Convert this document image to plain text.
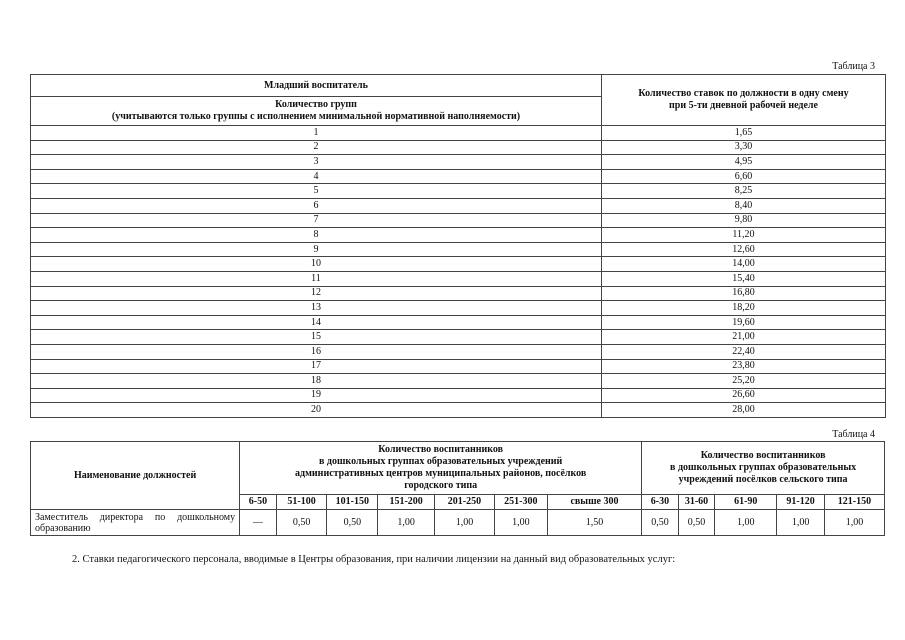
Таблица 3
Младший воспитатель	Количество ставок по должности в одну смену
при 5-ти дневной рабочей неделе
Количество групп
(учитываются только группы с исполнением минимальной нормативной наполняемости)	
1	1,65
2	3,30
3	4,95
4	6,60
5	8,25
6	8,40
7	9,80
8	11,20
9	12,60
10	14,00
11	15,40
12	16,80
13	18,20
14	19,60
15	21,00
16	22,40
17	23,80
18	25,20
19	26,60
20	28,00
Таблица 4
Наименование должностей	Количество воспитанников
в дошкольных группах образовательных учреждений
административных центров муниципальных районов, посёлков
городского типа							Количество воспитанников
в дошкольных группах образовательных
учреждений посёлков сельского типа				
	6-50	51-100	101-150	151-200	201-250	251-300	свыше 300	6-30	31-60	61-90	91-120	121-150
Заместитель директора по дошкольному образованию	—	0,50	0,50	1,00	1,00	1,00	1,50	0,50	0,50	1,00	1,00	1,00
2. Ставки педагогического персонала, вводимые в Центры образования, при наличии лицензии на данный вид образовательных услуг:
